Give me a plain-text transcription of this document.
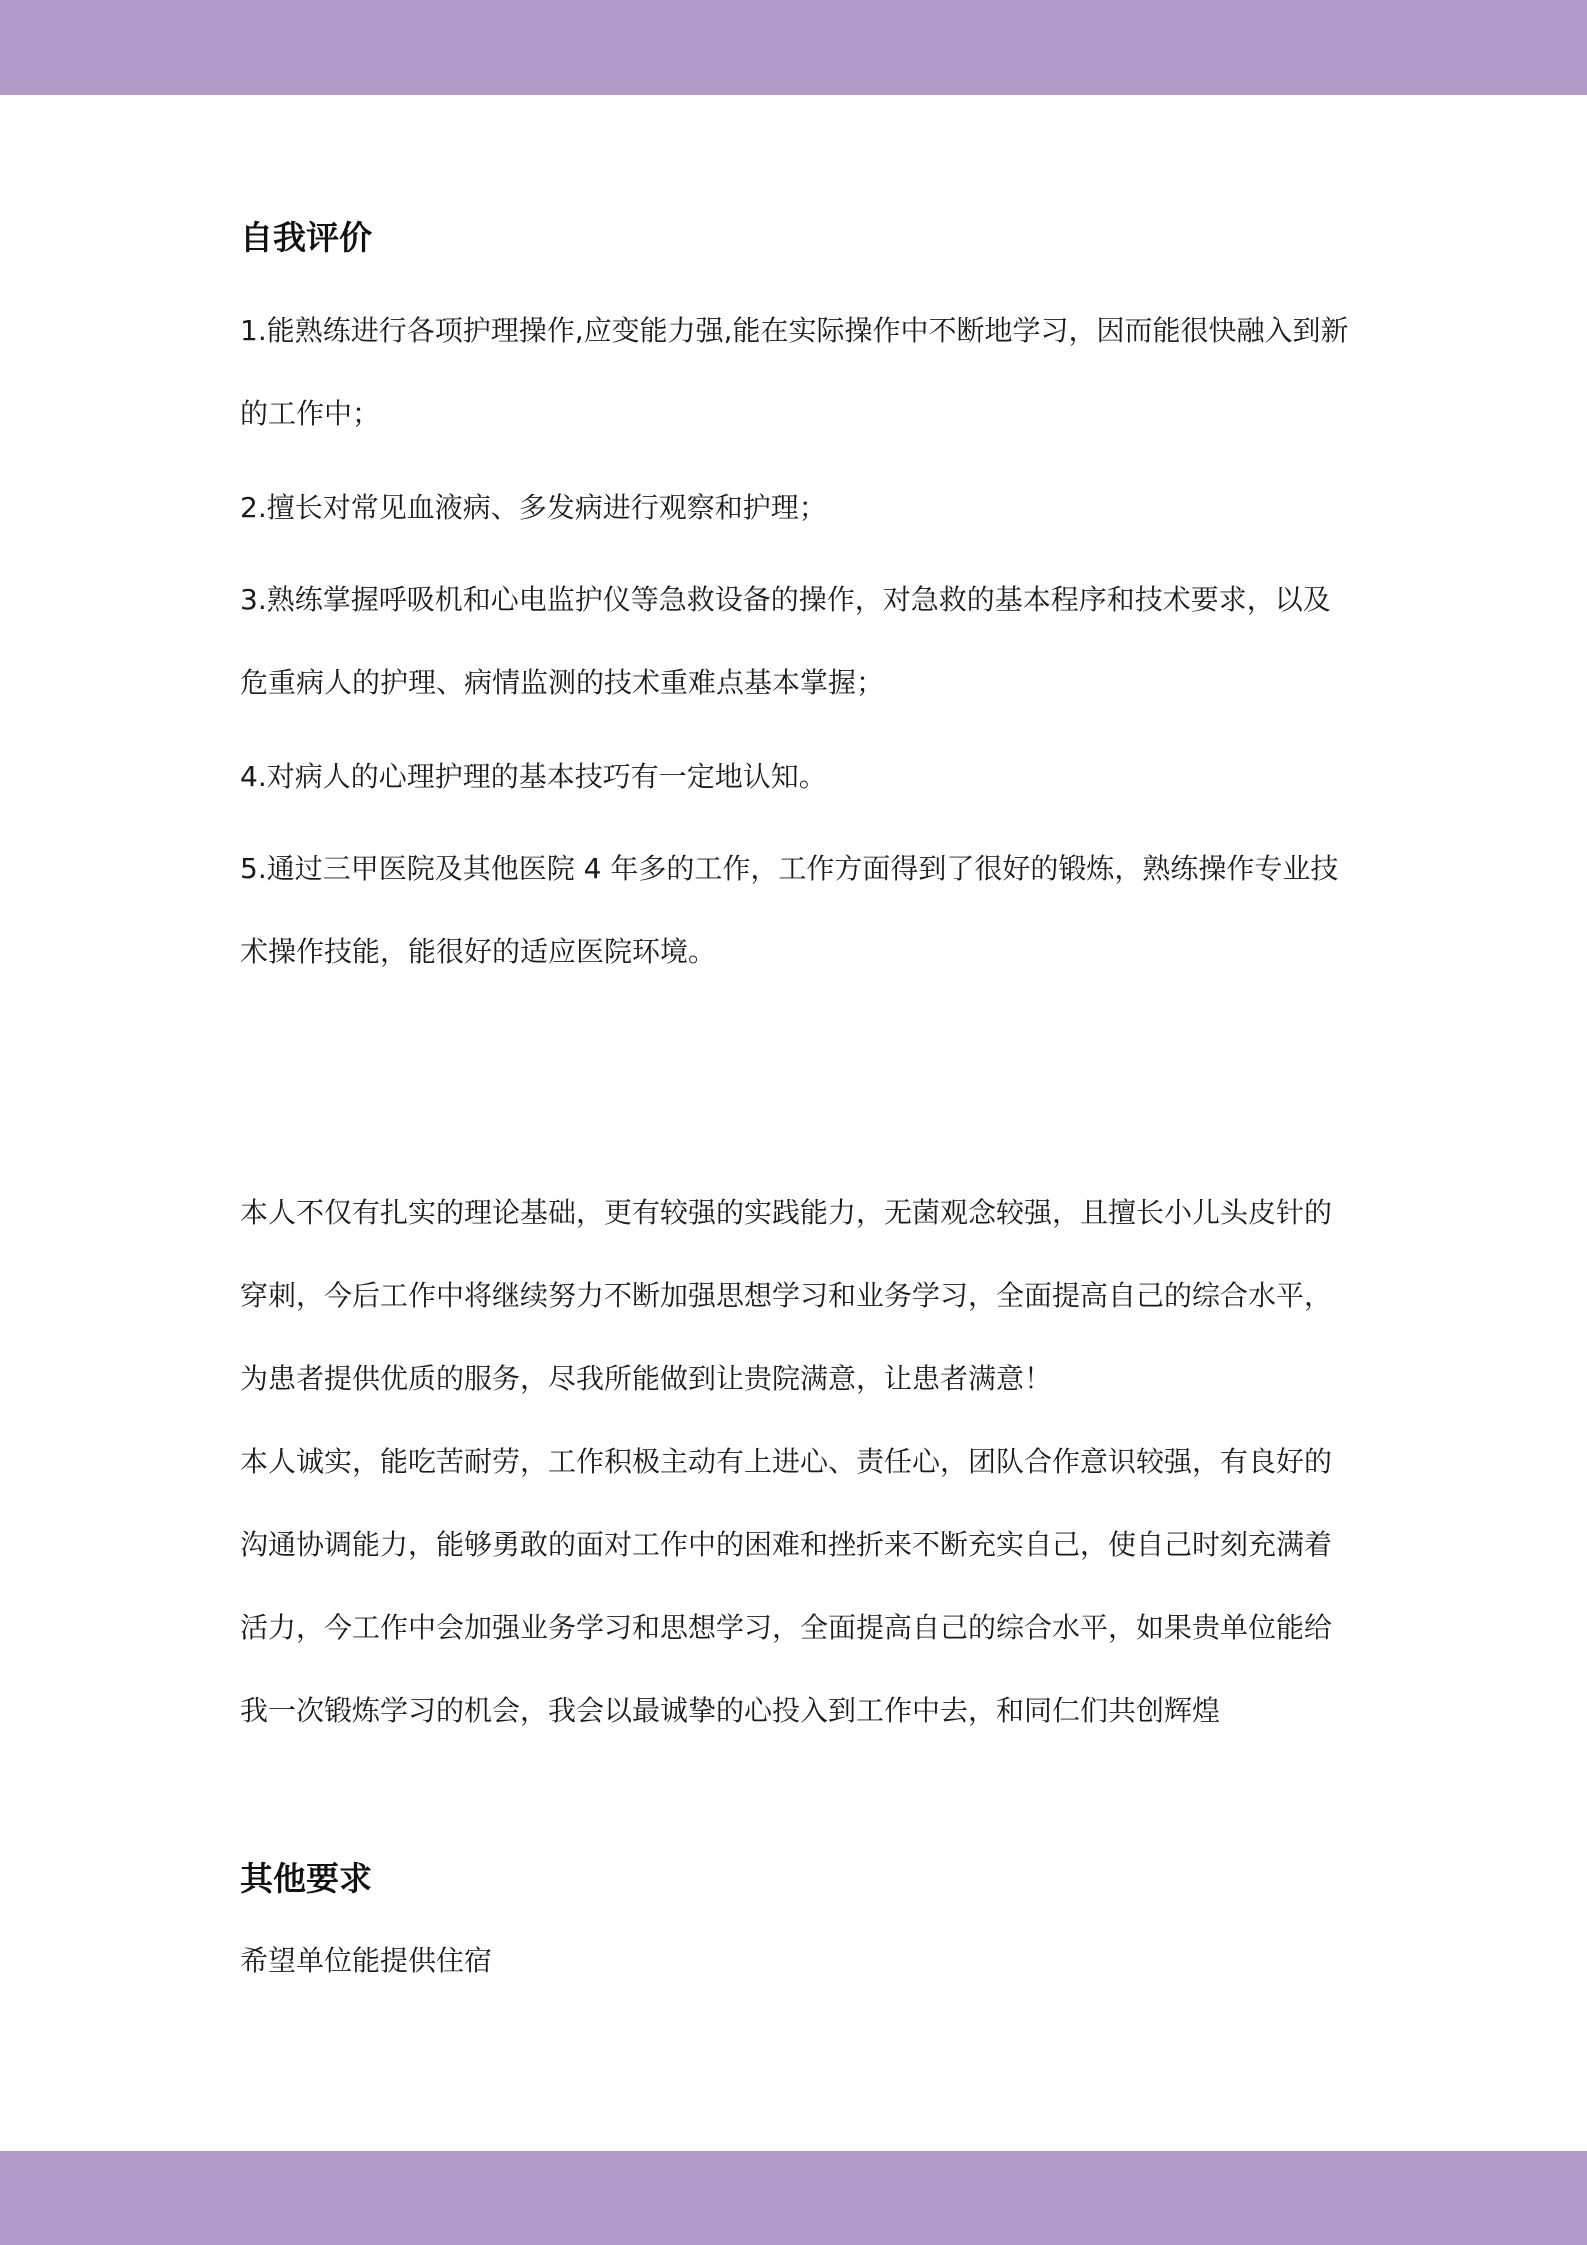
自我评价

1.能熟练进行各项护理操作,应变能力强,能在实际操作中不断地学习，因而能很快融入到新的工作中；

2.擅长对常见血液病、多发病进行观察和护理；

3.熟练掌握呼吸机和心电监护仪等急救设备的操作，对急救的基本程序和技术要求，以及危重病人的护理、病情监测的技术重难点基本掌握；

4.对病人的心理护理的基本技巧有一定地认知。

5.通过三甲医院及其他医院 4 年多的工作，工作方面得到了很好的锻炼，熟练操作专业技术操作技能，能很好的适应医院环境。

本人不仅有扎实的理论基础，更有较强的实践能力，无菌观念较强，且擅长小儿头皮针的穿刺，今后工作中将继续努力不断加强思想学习和业务学习，全面提高自己的综合水平，为患者提供优质的服务，尽我所能做到让贵院满意，让患者满意！

本人诚实，能吃苦耐劳，工作积极主动有上进心、责任心，团队合作意识较强，有良好的沟通协调能力，能够勇敢的面对工作中的困难和挫折来不断充实自己，使自己时刻充满着活力，今工作中会加强业务学习和思想学习，全面提高自己的综合水平，如果贵单位能给我一次锻炼学习的机会，我会以最诚挚的心投入到工作中去，和同仁们共创辉煌

其他要求

希望单位能提供住宿
